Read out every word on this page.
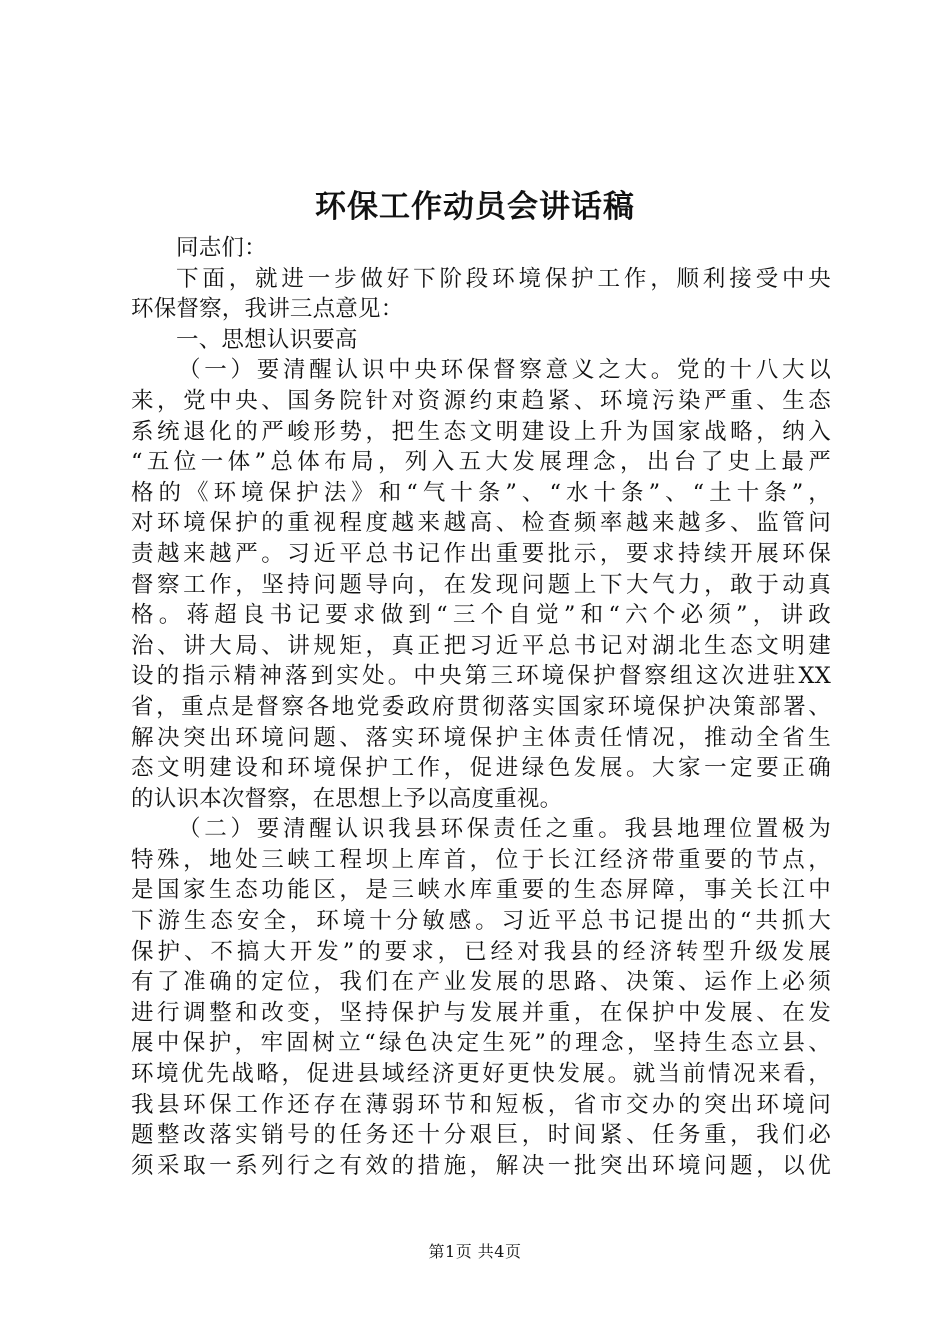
环保工作动员会讲话稿
同志们：
下面，就进一步做好下阶段环境保护工作，顺利接受中央
环保督察，我讲三点意见：
一、思想认识要高
（一）要清醒认识中央环保督察意义之大。党的十八大以
来，党中央、国务院针对资源约束趋紧、环境污染严重、生态
系统退化的严峻形势，把生态文明建设上升为国家战略，纳入
“五位一体”总体布局，列入五大发展理念，出台了史上最严
格的《环境保护法》和“气十条”、“水十条”、“土十条”，
对环境保护的重视程度越来越高、检查频率越来越多、监管问
责越来越严。习近平总书记作出重要批示，要求持续开展环保
督察工作，坚持问题导向，在发现问题上下大气力，敢于动真
格。蒋超良书记要求做到“三个自觉”和“六个必须”，讲政
治、讲大局、讲规矩，真正把习近平总书记对湖北生态文明建
设的指示精神落到实处。中央第三环境保护督察组这次进驻XX
省，重点是督察各地党委政府贯彻落实国家环境保护决策部署、
解决突出环境问题、落实环境保护主体责任情况，推动全省生
态文明建设和环境保护工作，促进绿色发展。大家一定要正确
的认识本次督察，在思想上予以高度重视。
（二）要清醒认识我县环保责任之重。我县地理位置极为
特殊，地处三峡工程坝上库首，位于长江经济带重要的节点，
是国家生态功能区，是三峡水库重要的生态屏障，事关长江中
下游生态安全，环境十分敏感。习近平总书记提出的“共抓大
保护、不搞大开发”的要求，已经对我县的经济转型升级发展
有了准确的定位，我们在产业发展的思路、决策、运作上必须
进行调整和改变，坚持保护与发展并重，在保护中发展、在发
展中保护，牢固树立“绿色决定生死”的理念，坚持生态立县、
环境优先战略，促进县域经济更好更快发展。就当前情况来看，
我县环保工作还存在薄弱环节和短板，省市交办的突出环境问
题整改落实销号的任务还十分艰巨，时间紧、任务重，我们必
须采取一系列行之有效的措施，解决一批突出环境问题，以优
第1页 共4页
